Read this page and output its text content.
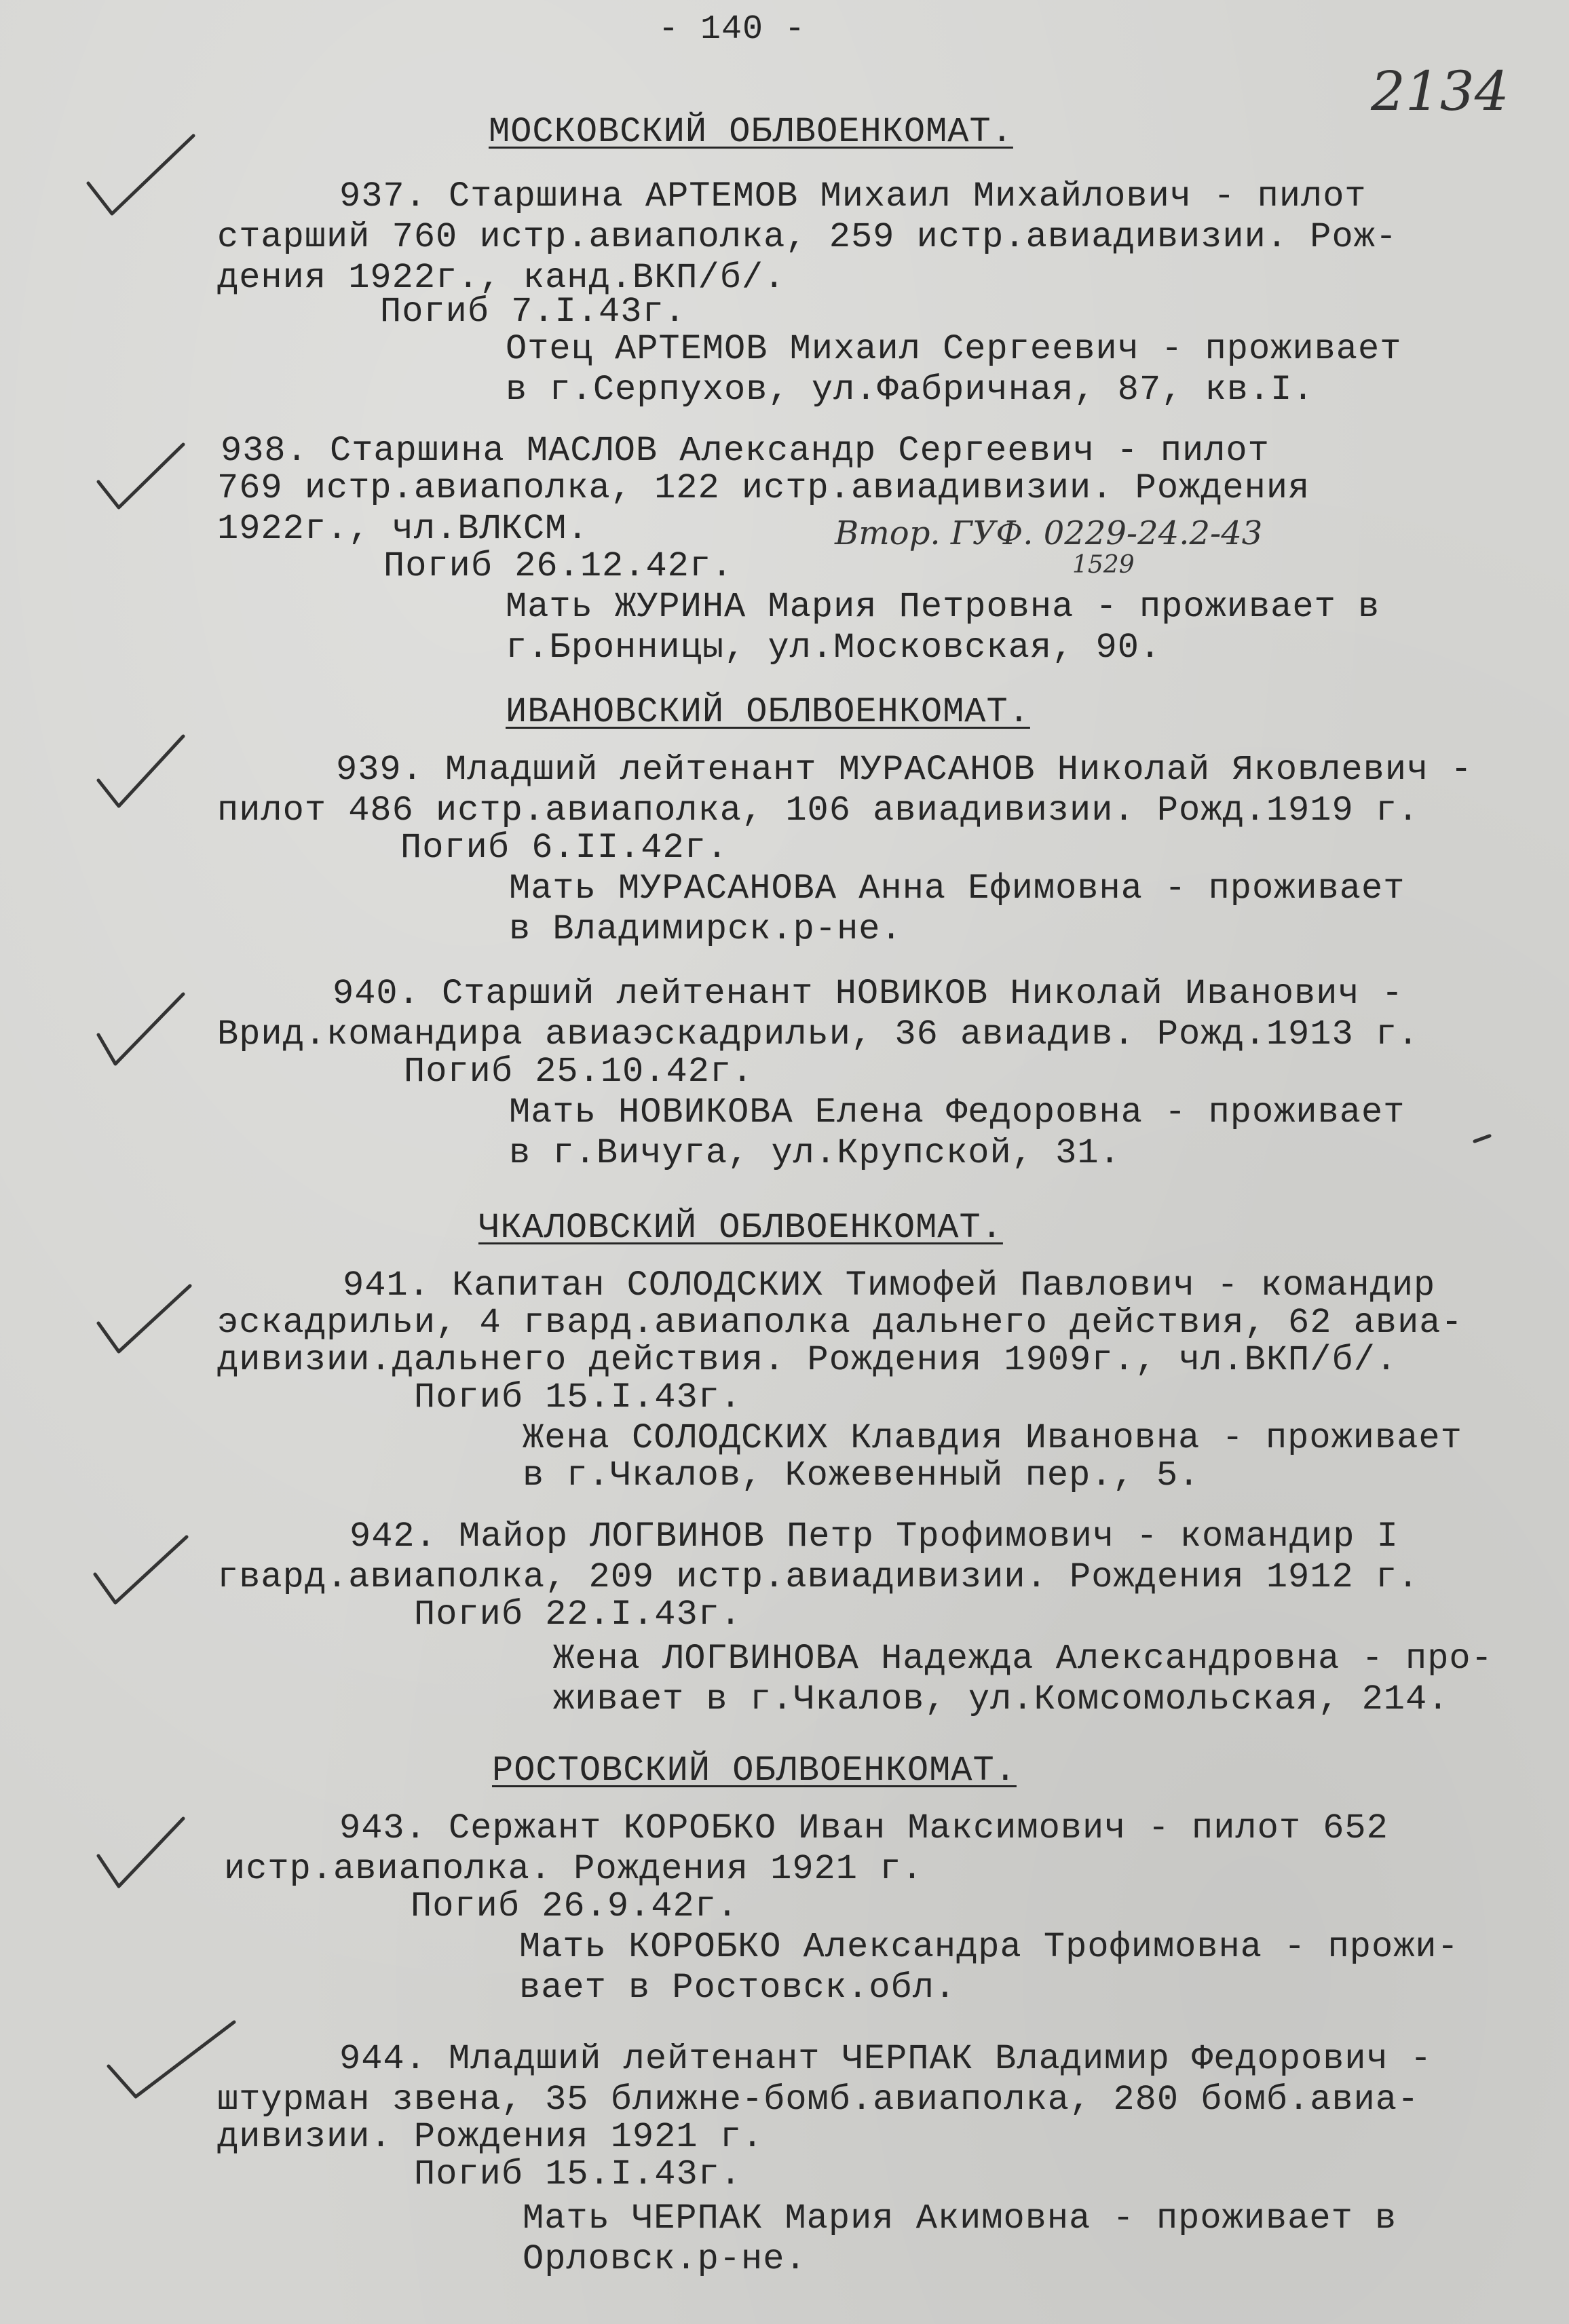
- 140 -
2134
МОСКОВСКИЙ ОБЛВОЕНКОМАТ.
937. Старшина АРТЕМОВ Михаил Михайлович - пилот
старший 760 истр.авиаполка, 259 истр.авиадивизии. Рож-
дения 1922г., канд.ВКП/б/.
Погиб 7.I.43г.
Отец АРТЕМОВ Михаил Сергеевич - проживает
в г.Серпухов, ул.Фабричная, 87, кв.I.
938. Старшина МАСЛОВ Александр Сергеевич - пилот
769 истр.авиаполка, 122 истр.авиадивизии. Рождения
1922г., чл.ВЛКСМ.	Втор. ГУФ. 0229-24.2-43
1529
Погиб 26.12.42г.
Мать ЖУРИНА Мария Петровна - проживает в
г.Бронницы, ул.Московская, 90.
ИВАНОВСКИЙ ОБЛВОЕНКОМАТ.
939. Младший лейтенант МУРАСАНОВ Николай Яковлевич -
пилот 486 истр.авиаполка, 106 авиадивизии. Рожд.1919 г.
Погиб 6.II.42г.
Мать МУРАСАНОВА Анна Ефимовна - проживает
в Владимирск.р-не.
940. Старший лейтенант НОВИКОВ Николай Иванович -
Врид.командира авиаэскадрильи, 36 авиадив. Рожд.1913 г.
Погиб 25.10.42г.
Мать НОВИКОВА Елена Федоровна - проживает
в г.Вичуга, ул.Крупской, 31.
ЧКАЛОВСКИЙ ОБЛВОЕНКОМАТ.
941. Капитан СОЛОДСКИХ Тимофей Павлович - командир
эскадрильи, 4 гвард.авиаполка дальнего действия, 62 авиа-
дивизии.дальнего действия. Рождения 1909г., чл.ВКП/б/.
Погиб 15.I.43г.
Жена СОЛОДСКИХ Клавдия Ивановна - проживает
в г.Чкалов, Кожевенный пер., 5.
942. Майор ЛОГВИНОВ Петр Трофимович - командир I
гвард.авиаполка, 209 истр.авиадивизии. Рождения 1912 г.
Погиб 22.I.43г.
Жена ЛОГВИНОВА Надежда Александровна - про-
живает в г.Чкалов, ул.Комсомольская, 214.
РОСТОВСКИЙ ОБЛВОЕНКОМАТ.
943. Сержант КОРОБКО Иван Максимович - пилот 652
истр.авиаполка. Рождения 1921 г.
Погиб 26.9.42г.
Мать КОРОБКО Александра Трофимовна - прожи-
вает в Ростовск.обл.
944. Младший лейтенант ЧЕРПАК Владимир Федорович -
штурман звена, 35 ближне-бомб.авиаполка, 280 бомб.авиа-
дивизии. Рождения 1921 г.
Погиб 15.I.43г.
Мать ЧЕРПАК Мария Акимовна - проживает в
Орловск.р-не.
